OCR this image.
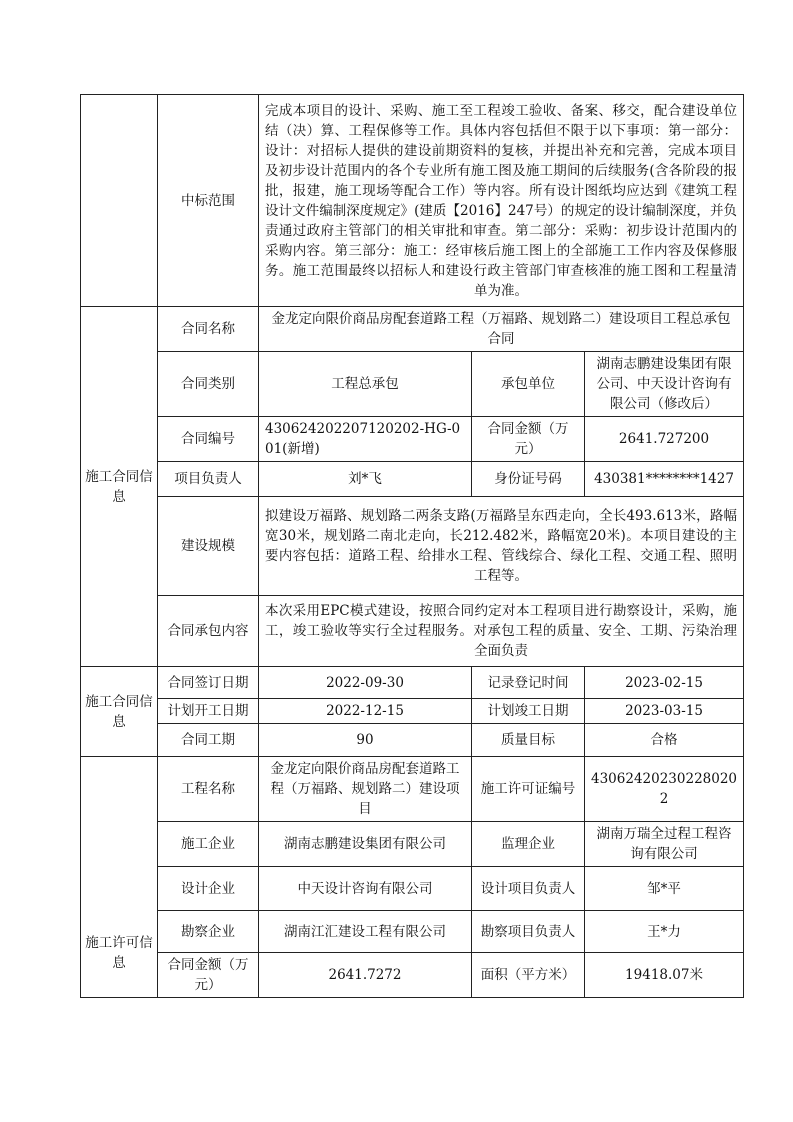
	中标范围	完成本项目的设计、采购、施工至工程竣工验收、备案、移交，配合建设单位结（决）算、工程保修等工作。具体内容包括但不限于以下事项：第一部分：设计：对招标人提供的建设前期资料的复核，并提出补充和完善，完成本项目及初步设计范围内的各个专业所有施工图及施工期间的后续服务(含各阶段的报批，报建，施工现场等配合工作）等内容。所有设计图纸均应达到《建筑工程设计文件编制深度规定》(建质【2016】247号）的规定的设计编制深度，并负责通过政府主管部门的相关审批和审查。第二部分：采购：初步设计范围内的采购内容。第三部分：施工：经审核后施工图上的全部施工工作内容及保修服务。施工范围最终以招标人和建设行政主管部门审查核准的施工图和工程量清单为准。		
施工合同信息	合同名称	金龙定向限价商品房配套道路工程（万福路、规划路二）建设项目工程总承包合同		
	合同类别	工程总承包	承包单位	湖南志鹏建设集团有限公司、中天设计咨询有限公司（修改后）
	合同编号	430624202207120202-HG-001(新增)	合同金额（万元）	2641.727200
	项目负责人	刘*飞	身份证号码	430381********1427
	建设规模	拟建设万福路、规划路二两条支路(万福路呈东西走向，全长493.613米，路幅宽30米，规划路二南北走向，长212.482米，路幅宽20米)。本项目建设的主要内容包括：道路工程、给排水工程、管线综合、绿化工程、交通工程、照明工程等。		
	合同承包内容	本次采用EPC模式建设，按照合同约定对本工程项目进行勘察设计，采购，施工，竣工验收等实行全过程服务。对承包工程的质量、安全、工期、污染治理全面负责		
施工合同信息	合同签订日期	2022-09-30	记录登记时间	2023-02-15
	计划开工日期	2022-12-15	计划竣工日期	2023-03-15
	合同工期	90	质量目标	合格
施工许可信息	工程名称	金龙定向限价商品房配套道路工程（万福路、规划路二）建设项目	施工许可证编号	430624202302280202
	施工企业	湖南志鹏建设集团有限公司	监理企业	湖南万瑞全过程工程咨询有限公司
	设计企业	中天设计咨询有限公司	设计项目负责人	邹*平
	勘察企业	湖南江汇建设工程有限公司	勘察项目负责人	王*力
	合同金额（万元）	2641.7272	面积（平方米）	19418.07米
